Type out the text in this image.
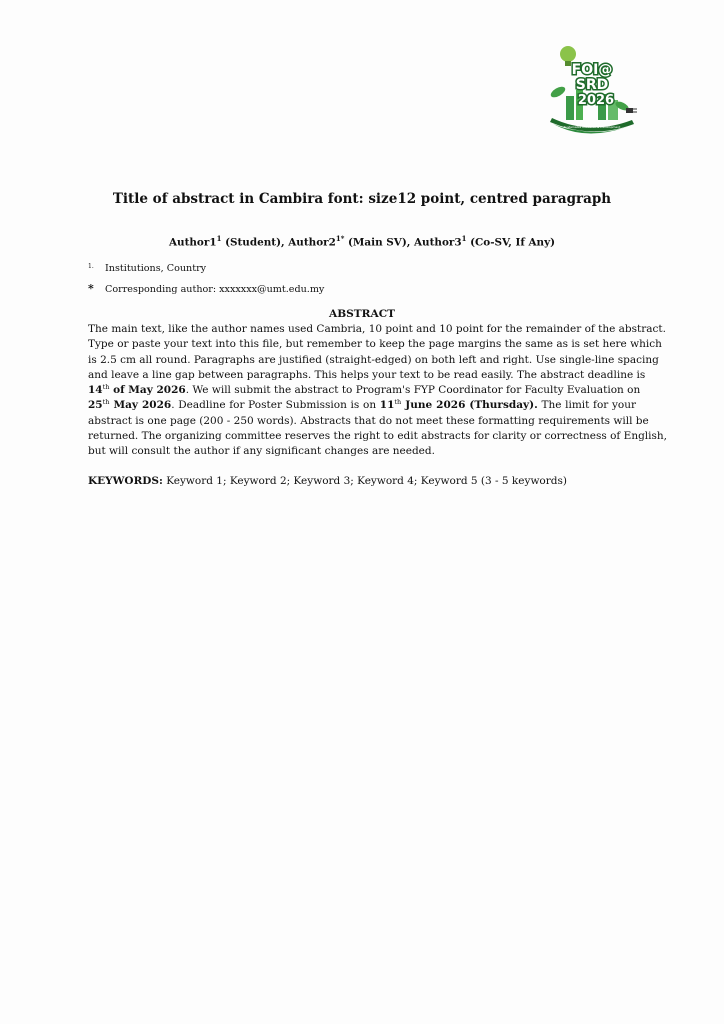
FOI@
SRD
2026
Sustainable Research & Development
Title of abstract in Cambira font: size12 point, centred paragraph
$Author1^1$ (Student), $Author2^{1*}$ (Main SV), $Author3^1$ (Co-SV, If Any)
1. Institutions, Country
* Corresponding author: xxxxxxx@umt.edu.my
ABSTRACT
The main text, like the author names used Cambria, 10 point and 10 point for the remainder of the abstract.
Type or paste your text into this file, but remember to keep the page margins the same as is set here which
is 2.5 cm all round. Paragraphs are justified (straight-edged) on both left and right. Use single-line spacing
and leave a line gap between paragraphs. This helps your text to be read easily. The abstract deadline is
14th of May 2026. We will submit the abstract to Program's FYP Coordinator for Faculty Evaluation on
25th May 2026. Deadline for Poster Submission is on 11th June 2026 (Thursday). The limit for your
abstract is one page (200 - 250 words). Abstracts that do not meet these formatting requirements will be
returned. The organizing committee reserves the right to edit abstracts for clarity or correctness of English,
but will consult the author if any significant changes are needed.
KEYWORDS: Keyword 1; Keyword 2; Keyword 3; Keyword 4; Keyword 5 (3 - 5 keywords)
